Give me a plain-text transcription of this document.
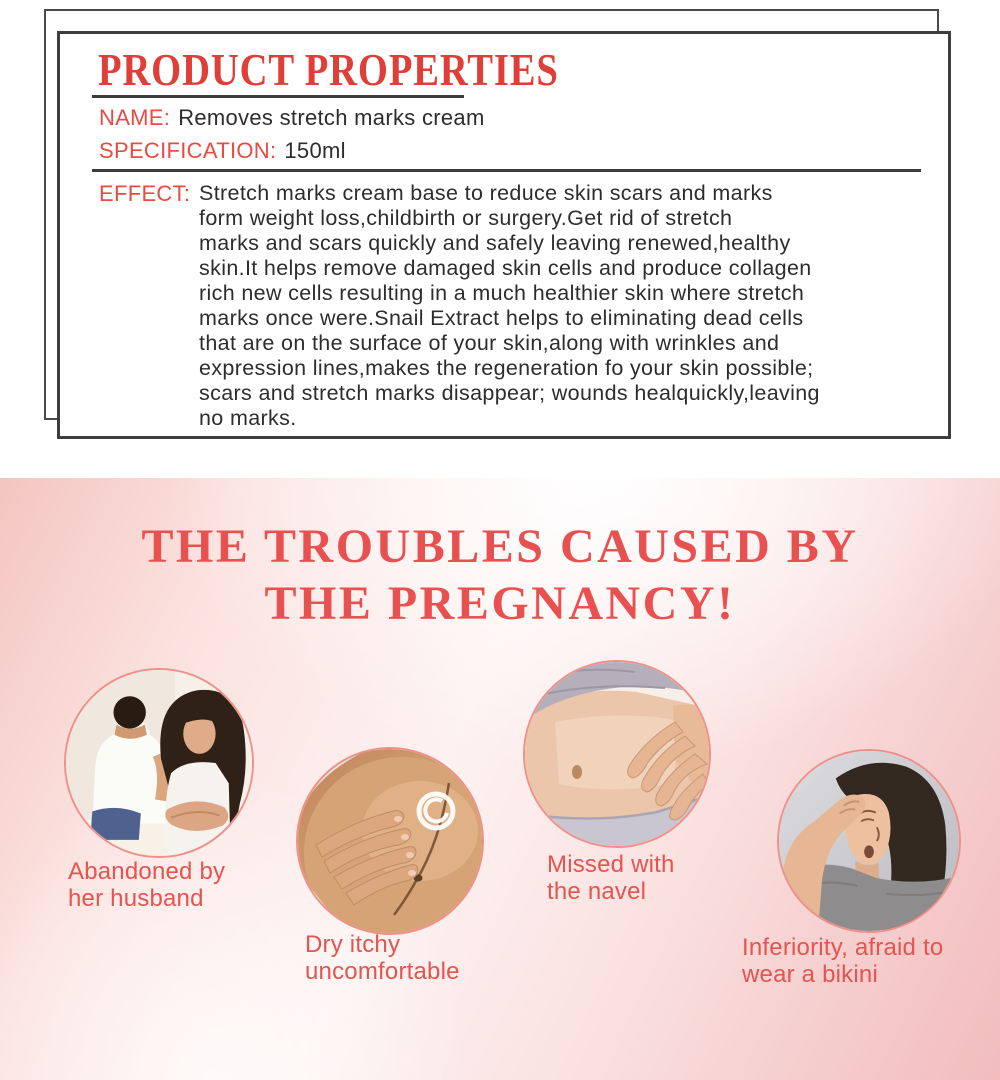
PRODUCT PROPERTIES
NAME: Removes stretch marks cream
SPECIFICATION: 150ml
EFFECT: Stretch marks cream base to reduce skin scars and marks
form weight loss,childbirth or surgery.Get rid of stretch
marks and scars quickly and safely leaving renewed,healthy
skin.It helps remove damaged skin cells and produce collagen
rich new cells resulting in a much healthier skin where stretch
marks once were.Snail Extract helps to eliminating dead cells
that are on the surface of your skin,along with wrinkles and
expression lines,makes the regeneration fo your skin possible;
scars and stretch marks disappear; wounds healquickly,leaving
no marks.
THE TROUBLES CAUSED BY
THE PREGNANCY!
Abandoned by
her husband
Dry itchy
uncomfortable
Missed with
the navel
Inferiority, afraid to
wear a bikini
